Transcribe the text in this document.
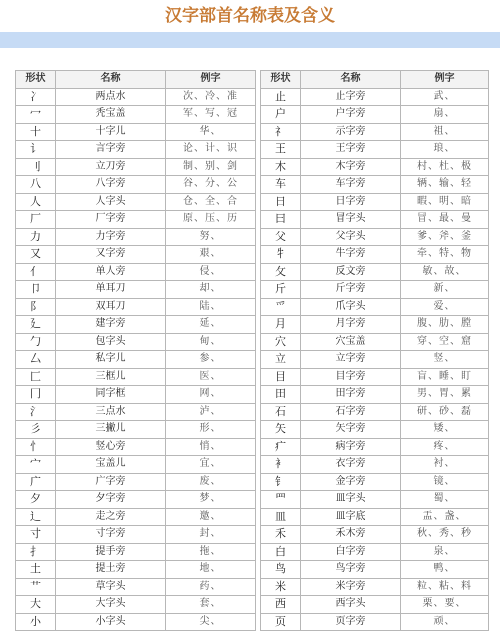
汉字部首名称表及含义
形状	名称	例字
冫	两点水	次、冷、准
冖	秃宝盖	军、写、冠
十	十字儿	华、
讠	言字旁	论、计、识
刂	立刀旁	制、别、剑
八	八字旁	谷、分、公
人	人字头	仓、全、合
厂	厂字旁	原、压、历
力	力字旁	努、
又	又字旁	艰、
亻	单人旁	侵、
卩	单耳刀	却、
阝	双耳刀	陆、
廴	建字旁	延、
勹	包字头	甸、
厶	私字儿	参、
匚	三框儿	医、
冂	同字框	网、
氵	三点水	泸、
彡	三撇儿	形、
忄	竖心旁	悄、
宀	宝盖儿	宜、
广	广字旁	废、
夕	夕字旁	梦、
辶	走之旁	邀、
寸	寸字旁	封、
扌	提手旁	拖、
土	提土旁	地、
艹	草字头	药、
大	大字头	套、
小	小字头	尖、
形状	名称	例字
止	止字旁	武、
户	户字旁	扇、
礻	示字旁	祖、
王	王字旁	琅、
木	木字旁	村、杜、极
车	车字旁	辆、输、轻
日	日字旁	暇、明、暗
曰	冒字头	冒、最、曼
父	父字头	爹、斧、釜
牜	牛字旁	牵、特、物
攵	反文旁	敏、故、
斤	斤字旁	新、
爫	爪字头	爱、
月	月字旁	腹、肋、膛
穴	穴宝盖	穿、空、窟
立	立字旁	竖、
目	目字旁	盲、睡、盯
田	田字旁	男、胃、累
石	石字旁	研、砂、磊
矢	矢字旁	矮、
疒	病字旁	疼、
衤	衣字旁	衬、
钅	金字旁	镜、
罒	皿字头	蜀、
皿	皿字底	盂、盏、
禾	禾木旁	秋、秀、秒
白	白字旁	泉、
鸟	鸟字旁	鸭、
米	米字旁	粒、粘、料
西	西字头	栗、要、
页	页字旁	顽、
